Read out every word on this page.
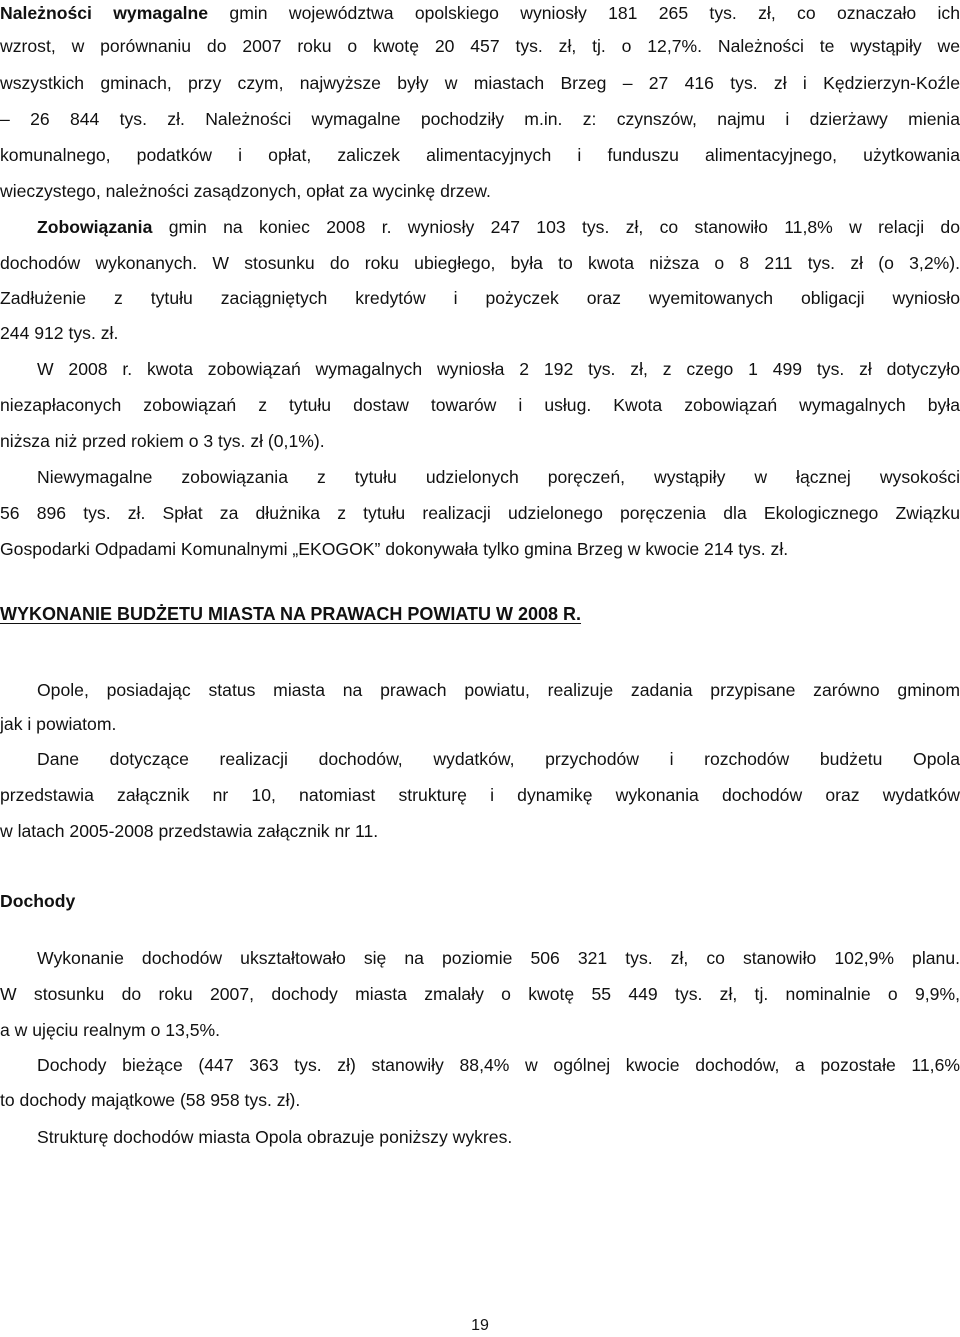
Należności wymagalne gmin województwa opolskiego wyniosły 181 265 tys. zł, co oznaczało ich
wzrost, w porównaniu do 2007 roku o kwotę 20 457 tys. zł, tj. o 12,7%. Należności te wystąpiły we
wszystkich gminach, przy czym, najwyższe były w miastach Brzeg – 27 416 tys. zł i Kędzierzyn-Koźle
– 26 844 tys. zł. Należności wymagalne pochodziły m.in. z: czynszów, najmu i dzierżawy mienia
komunalnego, podatków i opłat, zaliczek alimentacyjnych i funduszu alimentacyjnego, użytkowania
wieczystego, należności zasądzonych, opłat za wycinkę drzew.
Zobowiązania gmin na koniec 2008 r. wyniosły 247 103 tys. zł, co stanowiło 11,8% w relacji do
dochodów wykonanych. W stosunku do roku ubiegłego, była to kwota niższa o 8 211 tys. zł (o 3,2%).
Zadłużenie z tytułu zaciągniętych kredytów i pożyczek oraz wyemitowanych obligacji wyniosło
244 912 tys. zł.
W 2008 r. kwota zobowiązań wymagalnych wyniosła 2 192 tys. zł, z czego 1 499 tys. zł dotyczyło
niezapłaconych zobowiązań z tytułu dostaw towarów i usług. Kwota zobowiązań wymagalnych była
niższa niż przed rokiem o 3 tys. zł (0,1%).
Niewymagalne zobowiązania z tytułu udzielonych poręczeń, wystąpiły w łącznej wysokości
56 896 tys. zł. Spłat za dłużnika z tytułu realizacji udzielonego poręczenia dla Ekologicznego Związku
Gospodarki Odpadami Komunalnymi „EKOGOK” dokonywała tylko gmina Brzeg w kwocie 214 tys. zł.
WYKONANIE BUDŻETU MIASTA NA PRAWACH POWIATU W 2008 R.
Opole, posiadając status miasta na prawach powiatu, realizuje zadania przypisane zarówno gminom
jak i powiatom.
Dane dotyczące realizacji dochodów, wydatków, przychodów i rozchodów budżetu Opola
przedstawia załącznik nr 10, natomiast strukturę i dynamikę wykonania dochodów oraz wydatków
w latach 2005-2008 przedstawia załącznik nr 11.
Dochody
Wykonanie dochodów ukształtowało się na poziomie 506 321 tys. zł, co stanowiło 102,9% planu.
W stosunku do roku 2007, dochody miasta zmalały o kwotę 55 449 tys. zł, tj. nominalnie o 9,9%,
a w ujęciu realnym o 13,5%.
Dochody bieżące (447 363 tys. zł) stanowiły 88,4% w ogólnej kwocie dochodów, a pozostałe 11,6%
to dochody majątkowe (58 958 tys. zł).
Strukturę dochodów miasta Opola obrazuje poniższy wykres.
19
